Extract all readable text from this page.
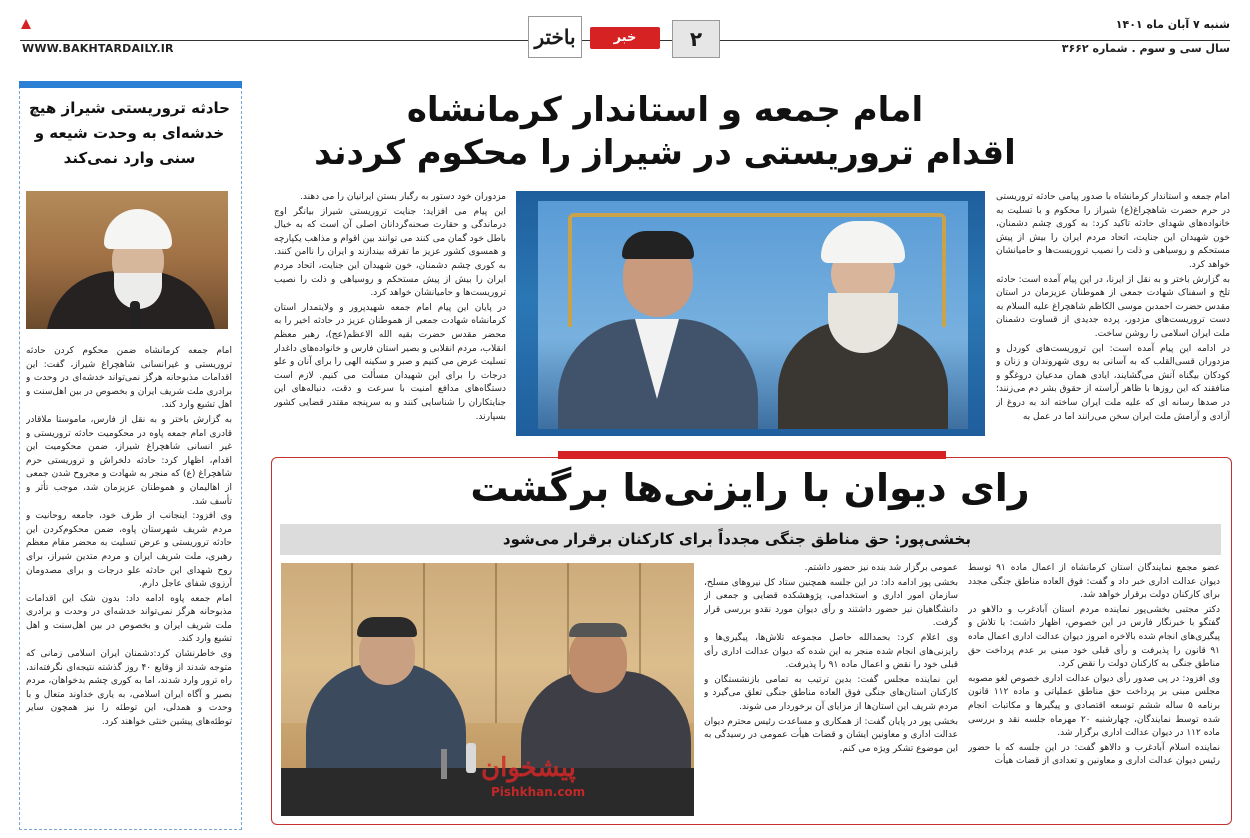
WWW.BAKHTARDAILY.IR
شنبه ۷ آبان ماه ۱۴۰۱
سال سی و سوم . شماره ۳۶۶۲
باختر	خبر	۲
امام جمعه و استاندار کرمانشاه
اقدام تروریستی در شیراز را محکوم کردند

امام جمعه و استاندار کرمانشاه با صدور پیامی حادثه تروریستی در حرم حضرت شاهچراغ(ع) شیراز را محکوم و با تسلیت به خانواده‌های شهدای حادثه تاکید کرد: به کوری چشم دشمنان، خون شهیدان این جنایت، اتحاد مردم ایران را بیش از پیش مستحکم و روسیاهی و ذلت را نصیب تروریست‌ها و حامیانشان خواهد کرد.

به گزارش باختر و به نقل از ایرنا، در این پیام آمده است: حادثه تلخ و اسفناک شهادت جمعی از هموطنان عزیزمان در استان مقدس حضرت احمدبن موسی الکاظم شاهچراغ علیه السلام به دست تروریست‌های مزدور، پرده جدیدی از قساوت دشمنان ملت ایران اسلامی را روشن ساخت.

در ادامه این پیام آمده است: این تروریست‌های کوردل و مزدوران قسی‌القلب که به آسانی به روی شهروندان و زنان و کودکان بیگناه آتش می‌گشایند، ایادی همان مدعیان دروغگو و منافقند که این روزها با ظاهر آراسته از حقوق بشر دم می‌زنند؛ در صدها رسانه ای که علیه ملت ایران ساخته اند به دروغ از آزادی و آرامش ملت ایران سخن می‌رانند اما در عمل به

مزدوران خود دستور به رگبار بستن ایرانیان را می دهند.

این پیام می افزاید: جنایت تروریستی شیراز بیانگر اوج درماندگی و حقارت صحنه‌گردانان اصلی آن است که به خیال باطل خود گمان می کنند می توانند بین اقوام و مذاهب یکپارچه و همسوی کشور عزیز ما تفرقه بیندازند و ایران را ناامن کنند. به کوری چشم دشمنان، خون شهیدان این جنایت، اتحاد مردم ایران را بیش از پیش مستحکم و روسیاهی و ذلت را نصیب تروریست‌ها و حامیانشان خواهد کرد.

در پایان این پیام امام جمعه شهیدپرور و ولایتمدار استان کرمانشاه شهادت جمعی از هموطنان عزیز در حادثه اخیر را به محضر مقدس حضرت بقیه الله الاعظم(عج)، رهبر معظم انقلاب، مردم انقلابی و بصیر استان فارس و خانواده‌های داغدار تسلیت عرض می کنیم و صبر و سکینه الهی را برای آنان و علو درجات را برای این شهیدان مسألت می کنیم. لازم است دستگاه‌های مدافع امنیت با سرعت و دقت، دنباله‌های این جنایتکاران را شناسایی کنند و به سرپنجه مقتدر قضایی کشور بسپارند.

رای دیوان با رایزنی‌ها برگشت
بخشی‌پور: حق مناطق جنگی مجدداً برای کارکنان برقرار می‌شود

عضو مجمع نمایندگان استان کرمانشاه از اعمال ماده ۹۱ توسط دیوان عدالت اداری خبر داد و گفت: فوق العاده مناطق جنگی مجدد برای کارکنان دولت برقرار خواهد شد.

دکتر مجتبی بخشی‌پور نماینده مردم استان آبادغرب و دالاهو در گفتگو با خبرنگار فارس در این خصوص، اظهار داشت: با تلاش و پیگیری‌های انجام شده بالاخره امروز دیوان عدالت اداری اعمال ماده ۹۱ قانون را پذیرفت و رأی قبلی خود مبنی بر عدم پرداخت حق مناطق جنگی به کارکنان دولت را نقض کرد.

وی افزود: در پی صدور رأی دیوان عدالت اداری خصوص لغو مصوبه مجلس مبنی بر پرداخت حق مناطق عملیاتی و ماده ۱۱۲ قانون برنامه ۵ ساله ششم توسعه اقتصادی و پیگیرها و مکاتبات انجام شده توسط نمایندگان، چهارشنبه ۲۰ مهرماه جلسه نقد و بررسی ماده ۱۱۲ در دیوان عدالت اداری برگزار شد.

نماینده اسلام آبادغرب و دالاهو گفت: در این جلسه که با حضور رئیس دیوان عدالت اداری و معاونین و تعدادی از قضات هیأت

عمومی برگزار شد بنده نیز حضور داشتم.

بخشی پور ادامه داد: در این جلسه همچنین ستاد کل نیروهای مسلح، سازمان امور اداری و استخدامی، پژوهشکده قضایی و جمعی از دانشگاهیان نیز حضور داشتند و رأی دیوان مورد نقدو بررسی قرار گرفت.

وی اعلام کرد: بحمدالله حاصل مجموعه تلاش‌ها، پیگیری‌ها و رایزنی‌های انجام شده منجر به این شده که دیوان عدالت اداری رأی قبلی خود را نقض و اعمال ماده ۹۱ را پذیرفت.

این نماینده مجلس گفت: بدین ترتیب به تمامی بازنشستگان و کارکنان استان‌های جنگی فوق العاده مناطق جنگی تعلق می‌گیرد و مردم شریف این استان‌ها از مزایای آن برخوردار می شوند.

بخشی پور در پایان گفت: از همکاری و مساعدت رئیس محترم دیوان عدالت اداری و معاونین ایشان و قضات هیأت عمومی در رسیدگی به این موضوع تشکر ویژه می کنم.

پیشخوان
Pishkhan.com
حادثه تروریستی شیراز هیچ خدشه‌ای به وحدت شیعه و سنی وارد نمی‌کند

امام جمعه کرمانشاه ضمن محکوم کردن حادثه تروریستی و غیرانسانی شاهچراغ شیراز، گفت: این اقدامات مذبوحانه هرگز نمی‌تواند خدشه‌ای در وحدت و برادری ملت شریف ایران و بخصوص در بین اهل‌سنت و اهل تشیع وارد کند.

به گزارش باختر و به نقل از فارس، ماموستا ملاقادر قادری امام جمعه پاوه در محکومیت حادثه تروریستی و غیر انسانی شاهچراغ شیراز، ضمن محکومیت این اقدام، اظهار کرد: حادثه دلخراش و تروریستی حرم شاهچراغ (ع) که منجر به شهادت و مجروح شدن جمعی از اهالیمان و هموطنان عزیزمان شد، موجب تأثر و تأسف شد.

وی افزود: اینجانب از طرف خود، جامعه روحانیت و مردم شریف شهرستان پاوه، ضمن محکوم‌کردن این حادثه تروریستی و عرض تسلیت به محضر مقام معظم رهبری، ملت شریف ایران و مردم متدین شیراز، برای روح شهدای این حادثه علو درجات و برای مصدومان آرزوی شفای عاجل دارم.

امام جمعه پاوه ادامه داد: بدون شک این اقدامات مذبوحانه هرگز نمی‌تواند خدشه‌ای در وحدت و برادری ملت شریف ایران و بخصوص در بین اهل‌سنت و اهل تشیع وارد کند.

وی خاطرنشان کرد:دشمنان ایران اسلامی زمانی که متوجه شدند از وقایع ۴۰ روز گذشته نتیجه‌ای نگرفته‌اند، راه ترور وارد شدند، اما به کوری چشم بدخواهان، مردم بصیر و آگاه ایران اسلامی، به یاری خداوند متعال و با وحدت و همدلی، این توطئه را نیز همچون سایر توطئه‌های پیشین خنثی خواهند کرد.
